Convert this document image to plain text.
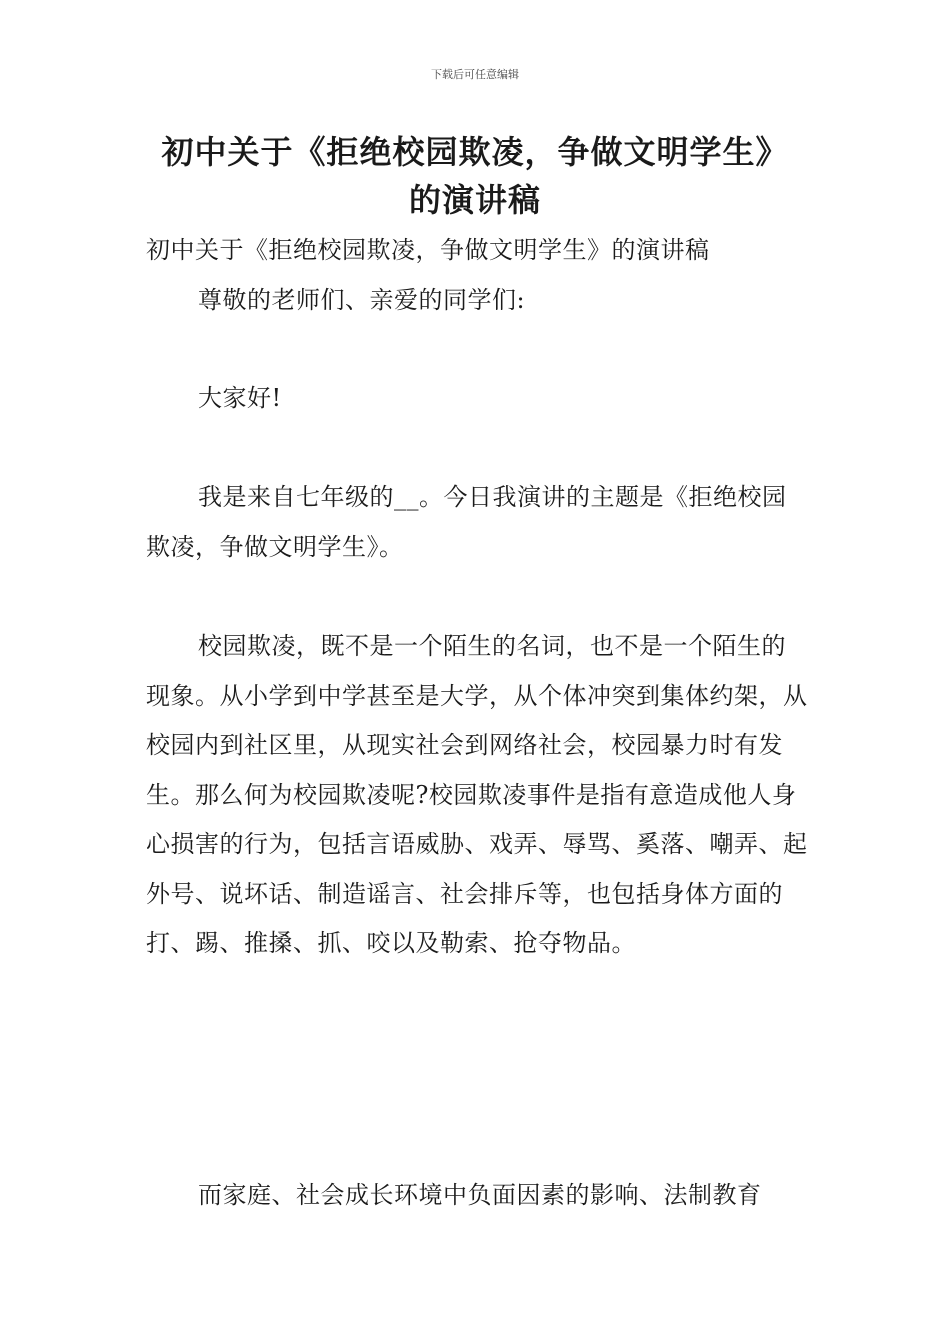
下载后可任意编辑
初中关于《拒绝校园欺凌，争做文明学生》的演讲稿

初中关于《拒绝校园欺凌，争做文明学生》的演讲稿

尊敬的老师们、亲爱的同学们:

大家好!

我是来自七年级的__。今日我演讲的主题是《拒绝校园欺凌，争做文明学生》。

校园欺凌，既不是一个陌生的名词，也不是一个陌生的现象。从小学到中学甚至是大学，从个体冲突到集体约架，从校园内到社区里，从现实社会到网络社会，校园暴力时有发生。那么何为校园欺凌呢?校园欺凌事件是指有意造成他人身心损害的行为，包括言语威胁、戏弄、辱骂、奚落、嘲弄、起外号、说坏话、制造谣言、社会排斥等，也包括身体方面的打、踢、推搡、抓、咬以及勒索、抢夺物品。

而家庭、社会成长环境中负面因素的影响、法制教育
